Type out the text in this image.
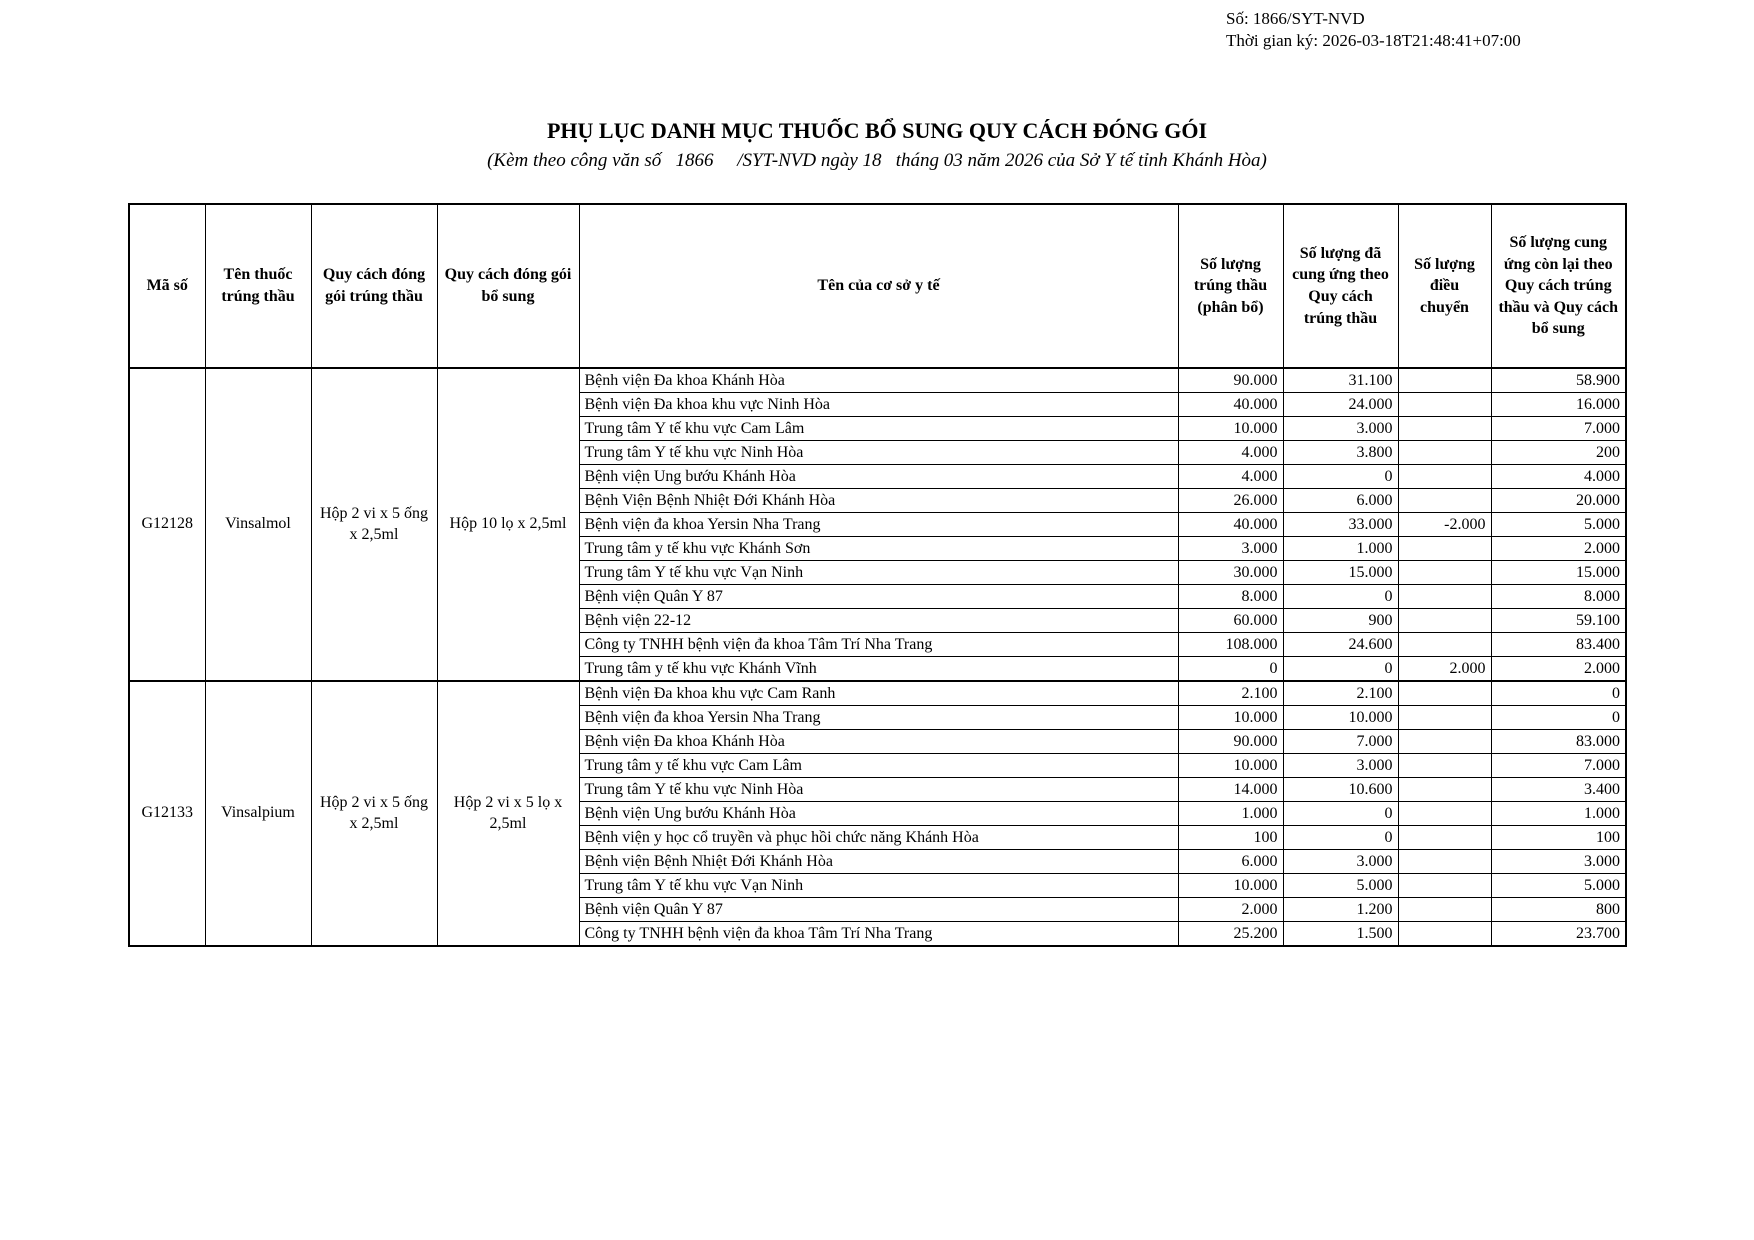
Số: 1866/SYT-NVD
Thời gian ký: 2026-03-18T21:48:41+07:00
PHỤ LỤC DANH MỤC THUỐC BỔ SUNG QUY CÁCH ĐÓNG GÓI
(Kèm theo công văn số   1866     /SYT-NVD ngày 18   tháng 03 năm 2026 của Sở Y tế tỉnh Khánh Hòa)
Mã số	Tên thuốc trúng thầu	Quy cách đóng gói trúng thầu	Quy cách đóng gói bổ sung	Tên của cơ sở y tế	Số lượng trúng thầu (phân bổ)	Số lượng đã cung ứng theo Quy cách trúng thầu	Số lượng điều chuyển	Số lượng cung ứng còn lại theo Quy cách trúng thầu và Quy cách bổ sung
G12128	Vinsalmol	Hộp 2 vi x 5 ống x 2,5ml	Hộp 10 lọ x 2,5ml	Bệnh viện Đa khoa Khánh Hòa	90.000	31.100		58.900
				Bệnh viện Đa khoa khu vực Ninh Hòa	40.000	24.000		16.000
				Trung tâm Y tế khu vực Cam Lâm	10.000	3.000		7.000
				Trung tâm Y tế khu vực Ninh Hòa	4.000	3.800		200
				Bệnh viện Ung bướu Khánh Hòa	4.000	0		4.000
				Bệnh Viện Bệnh Nhiệt Đới Khánh Hòa	26.000	6.000		20.000
				Bệnh viện đa khoa Yersin Nha Trang	40.000	33.000	-2.000	5.000
				Trung tâm y tế khu vực Khánh Sơn	3.000	1.000		2.000
				Trung tâm Y tế khu vực Vạn Ninh	30.000	15.000		15.000
				Bệnh viện Quân Y 87	8.000	0		8.000
				Bệnh viện 22-12	60.000	900		59.100
				Công ty TNHH bệnh viện đa khoa Tâm Trí Nha Trang	108.000	24.600		83.400
				Trung tâm y tế khu vực Khánh Vĩnh	0	0	2.000	2.000
G12133	Vinsalpium	Hộp 2 vi x 5 ống x 2,5ml	Hộp 2 vi x 5 lọ x 2,5ml	Bệnh viện Đa khoa khu vực Cam Ranh	2.100	2.100		0
				Bệnh viện đa khoa Yersin Nha Trang	10.000	10.000		0
				Bệnh viện Đa khoa Khánh Hòa	90.000	7.000		83.000
				Trung tâm y tế khu vực Cam Lâm	10.000	3.000		7.000
				Trung tâm Y tế khu vực Ninh Hòa	14.000	10.600		3.400
				Bệnh viện Ung bướu Khánh Hòa	1.000	0		1.000
				Bệnh viện y học cổ truyền và phục hồi chức năng Khánh Hòa	100	0		100
				Bệnh viện Bệnh Nhiệt Đới Khánh Hòa	6.000	3.000		3.000
				Trung tâm Y tế khu vực Vạn Ninh	10.000	5.000		5.000
				Bệnh viện Quân Y 87	2.000	1.200		800
				Công ty TNHH bệnh viện đa khoa Tâm Trí Nha Trang	25.200	1.500		23.700
